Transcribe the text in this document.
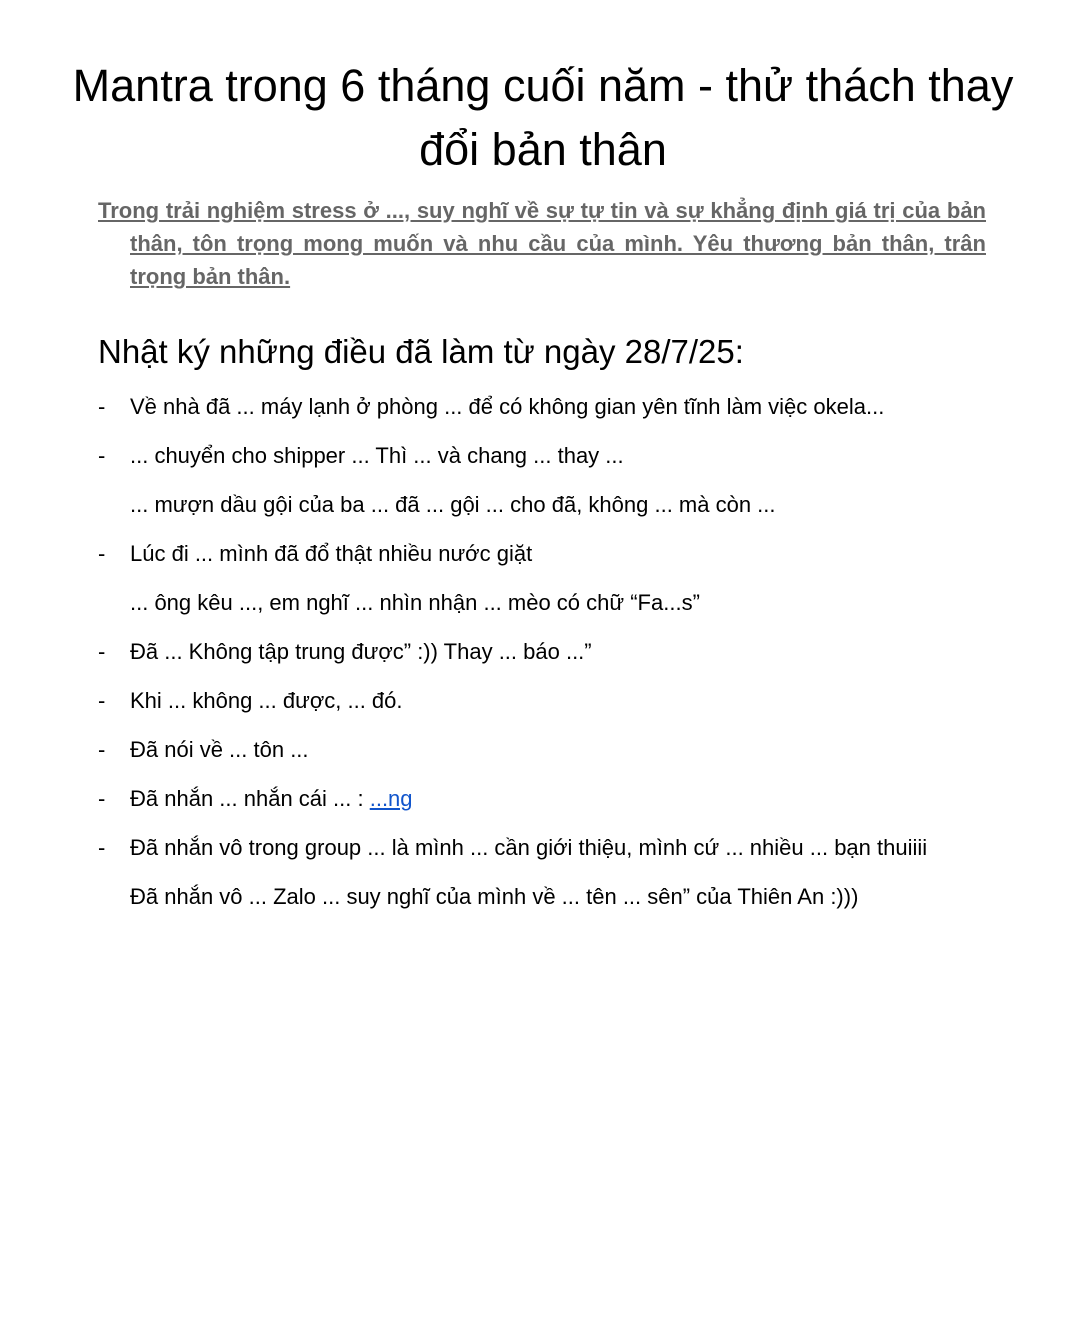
Mantra trong 6 tháng cuối năm - thử thách thay đổi bản thân

Trong trải nghiệm stress ở ..., suy nghĩ về sự tự tin và sự khẳng định giá trị của bản thân, tôn trọng mong muốn và nhu cầu của mình. Yêu thương bản thân, trân trọng bản thân.

Nhật ký những điều đã làm từ ngày 28/7/25:
- Về nhà đã ... máy lạnh ở phòng ... để có không gian yên tĩnh làm việc okela...
- ... chuyển cho shipper ... Thì ... và chang ... thay ...
... mượn dầu gội của ba ... đã ... gội ... cho đã, không ... mà còn ...
- Lúc đi ... mình đã đổ thật nhiều nước giặt
... ông kêu ..., em nghĩ ... nhìn nhận ... mèo có chữ “Fa...s”
- Đã ... Không tập trung được” :)) Thay ... báo ...”
- Khi ... không ... được, ... đó.
- Đã nói về ... tôn ...
- Đã nhắn ... nhắn cái ... : ...ng
- Đã nhắn vô trong group ... là mình ... cần giới thiệu, mình cứ ... nhiều ... bạn thuiiii
Đã nhắn vô ... Zalo ... suy nghĩ của mình về ... tên ... sên” của Thiên An :)))
